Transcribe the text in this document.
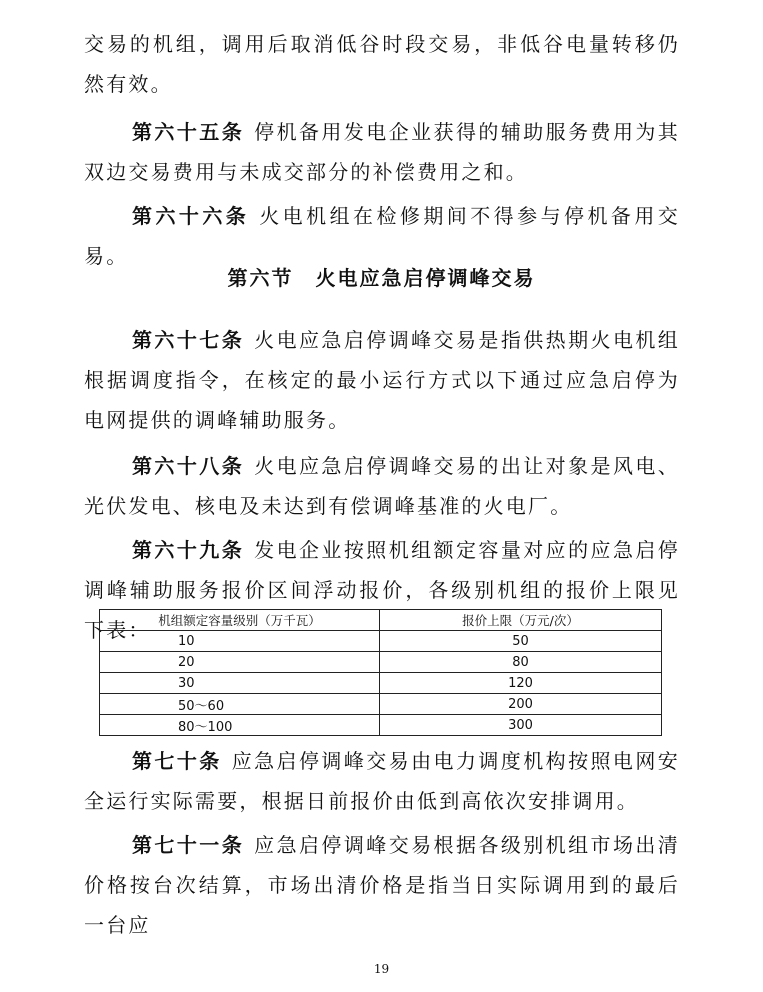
交易的机组，调用后取消低谷时段交易，非低谷电量转移仍然有效。

第六十五条 停机备用发电企业获得的辅助服务费用为其双边交易费用与未成交部分的补偿费用之和。

第六十六条 火电机组在检修期间不得参与停机备用交易。

第六节 火电应急启停调峰交易

第六十七条 火电应急启停调峰交易是指供热期火电机组根据调度指令，在核定的最小运行方式以下通过应急启停为电网提供的调峰辅助服务。

第六十八条 火电应急启停调峰交易的出让对象是风电、光伏发电、核电及未达到有偿调峰基准的火电厂。

第六十九条 发电企业按照机组额定容量对应的应急启停调峰辅助服务报价区间浮动报价，各级别机组的报价上限见下表： 机组额定容量级别（万千瓦）	报价上限（万元/次）
10	50
20	80
30	120
50～60	200
80～100	300

第七十条 应急启停调峰交易由电力调度机构按照电网安全运行实际需要，根据日前报价由低到高依次安排调用。

第七十一条 应急启停调峰交易根据各级别机组市场出清价格按台次结算，市场出清价格是指当日实际调用到的最后一台应

19
